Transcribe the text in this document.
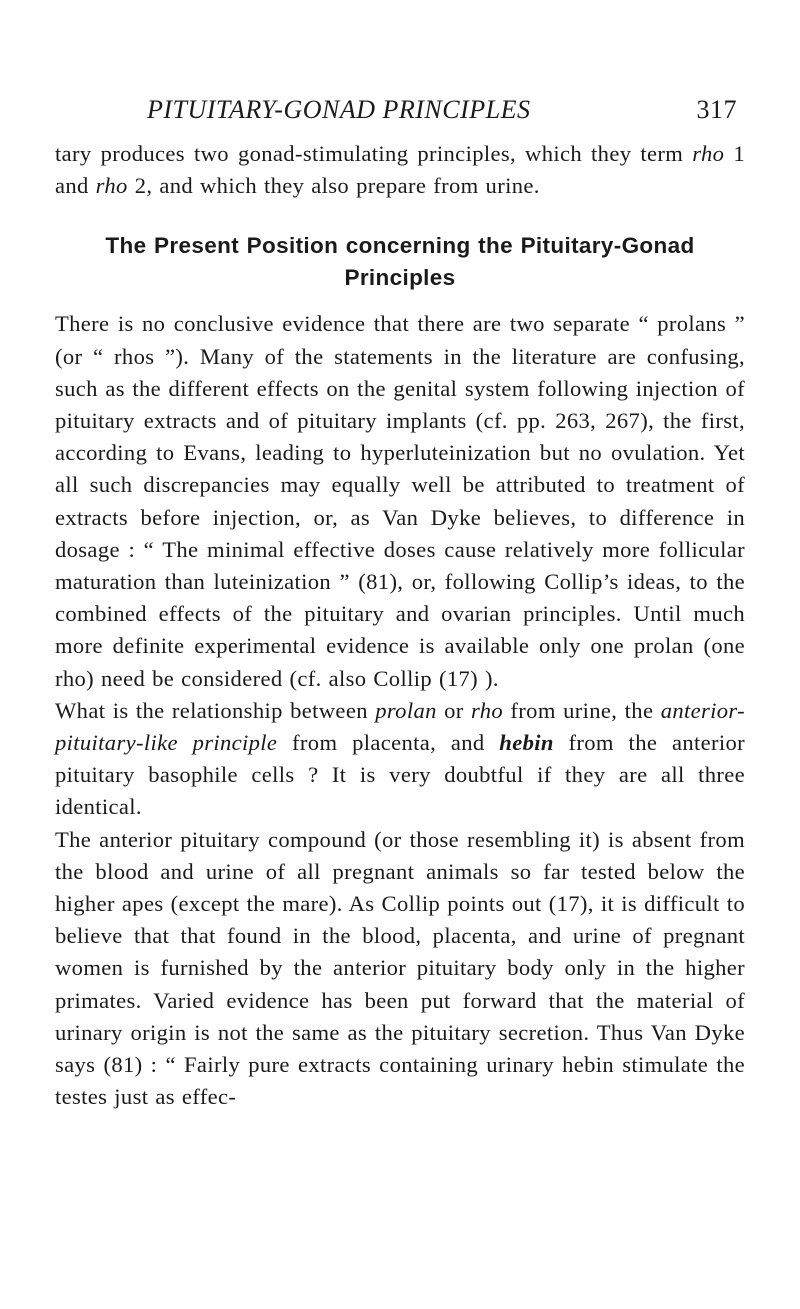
PITUITARY-GONAD PRINCIPLES	317

tary produces two gonad-stimulating principles, which they term rho 1 and rho 2, and which they also prepare from urine.

The Present Position concerning the Pituitary-Gonad Principles

There is no conclusive evidence that there are two separate “ prolans ” (or “ rhos ”). Many of the statements in the literature are confusing, such as the different effects on the genital system following injection of pituitary extracts and of pituitary implants (cf. pp. 263, 267), the first, according to Evans, leading to hyperluteinization but no ovulation. Yet all such discrepancies may equally well be attributed to treatment of extracts before injection, or, as Van Dyke believes, to difference in dosage : “ The minimal effective doses cause relatively more follicular maturation than luteinization ” (81), or, following Collip’s ideas, to the combined effects of the pituitary and ovarian principles. Until much more definite experimental evidence is available only one prolan (one rho) need be considered (cf. also Collip (17) ).

What is the relationship between prolan or rho from urine, the anterior-pituitary-like principle from placenta, and hebin from the anterior pituitary basophile cells ? It is very doubtful if they are all three identical.

The anterior pituitary compound (or those resembling it) is absent from the blood and urine of all pregnant animals so far tested below the higher apes (except the mare). As Collip points out (17), it is difficult to believe that that found in the blood, placenta, and urine of pregnant women is furnished by the anterior pituitary body only in the higher primates. Varied evidence has been put forward that the material of urinary origin is not the same as the pituitary secretion. Thus Van Dyke says (81) : “ Fairly pure extracts containing urinary hebin stimulate the testes just as effec-
